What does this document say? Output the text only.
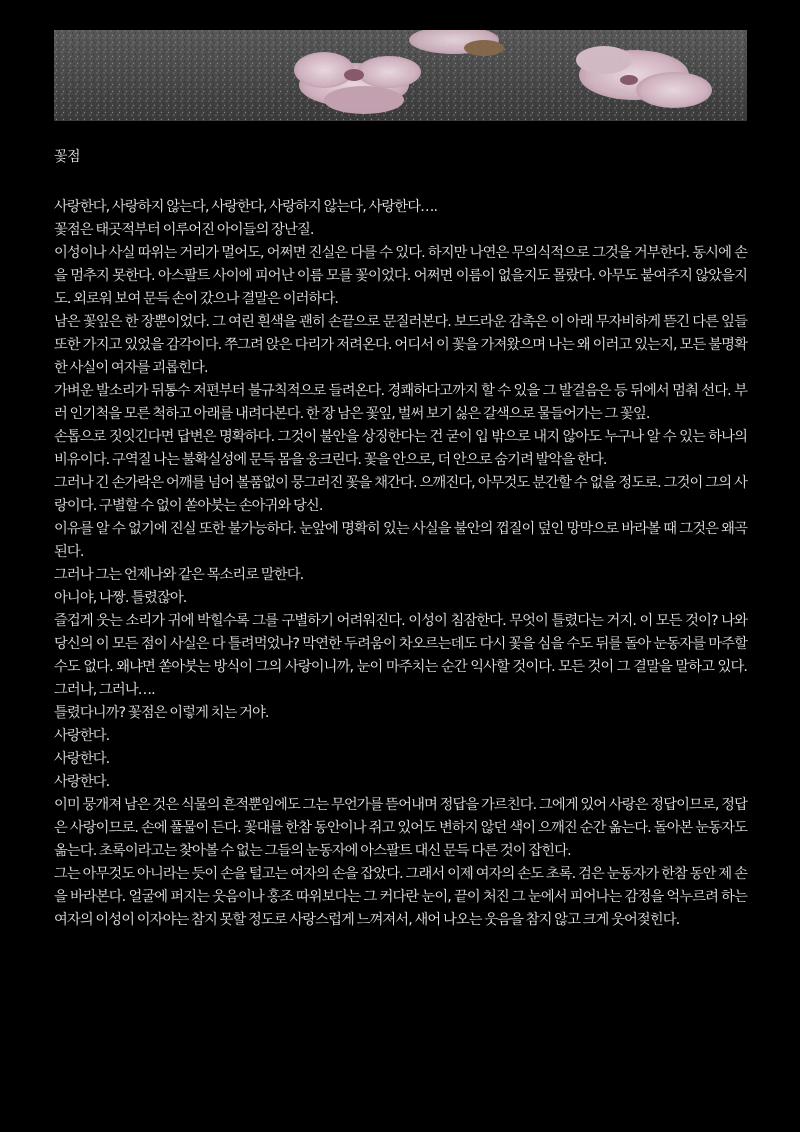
꽃점

사랑한다, 사랑하지 않는다, 사랑한다, 사랑하지 않는다, 사랑한다….

꽃점은 태곳적부터 이루어진 아이들의 장난질.

이성이나 사실 따위는 거리가 멀어도, 어쩌면 진실은 다를 수 있다. 하지만 나연은 무의식적으로 그것을 거부한다. 동시에 손을 멈추지 못한다. 아스팔트 사이에 피어난 이름 모를 꽃이었다. 어쩌면 이름이 없을지도 몰랐다. 아무도 붙여주지 않았을지도. 외로워 보여 문득 손이 갔으나 결말은 이러하다.

남은 꽃잎은 한 장뿐이었다. 그 여린 흰색을 괜히 손끝으로 문질러본다. 보드라운 감촉은 이 아래 무자비하게 뜯긴 다른 잎들 또한 가지고 있었을 감각이다. 쭈그려 앉은 다리가 저려온다. 어디서 이 꽃을 가져왔으며 나는 왜 이러고 있는지, 모든 불명확한 사실이 여자를 괴롭힌다.

가벼운 발소리가 뒤통수 저편부터 불규칙적으로 들려온다. 경쾌하다고까지 할 수 있을 그 발걸음은 등 뒤에서 멈춰 선다. 부러 인기척을 모른 척하고 아래를 내려다본다. 한 장 남은 꽃잎, 벌써 보기 싫은 갈색으로 물들어가는 그 꽃잎.

손톱으로 짓잇긴다면 답변은 명확하다. 그것이 불안을 상징한다는 건 굳이 입 밖으로 내지 않아도 누구나 알 수 있는 하나의 비유이다. 구역질 나는 불확실성에 문득 몸을 웅크린다. 꽃을 안으로, 더 안으로 숨기려 발악을 한다.

그러나 긴 손가락은 어깨를 넘어 볼품없이 뭉그러진 꽃을 채간다. 으깨진다, 아무것도 분간할 수 없을 정도로. 그것이 그의 사랑이다. 구별할 수 없이 쏟아붓는 손아귀와 당신.

이유를 알 수 없기에 진실 또한 불가능하다. 눈앞에 명확히 있는 사실을 불안의 껍질이 덮인 망막으로 바라볼 때 그것은 왜곡된다.

그러나 그는 언제나와 같은 목소리로 말한다.

아니야, 나짱. 틀렸잖아.

즐겁게 웃는 소리가 귀에 박힐수록 그를 구별하기 어려워진다. 이성이 침잠한다. 무엇이 틀렸다는 거지. 이 모든 것이? 나와 당신의 이 모든 점이 사실은 다 틀려먹었나? 막연한 두려움이 차오르는데도 다시 꽃을 심을 수도 뒤를 돌아 눈동자를 마주할 수도 없다. 왜냐면 쏟아붓는 방식이 그의 사랑이니까, 눈이 마주치는 순간 익사할 것이다. 모든 것이 그 결말을 말하고 있다. 그러나, 그러나….

틀렸다니까? 꽃점은 이렇게 치는 거야.

사랑한다.

사랑한다.

사랑한다.

이미 뭉개져 남은 것은 식물의 흔적뿐임에도 그는 무언가를 뜯어내며 정답을 가르친다. 그에게 있어 사랑은 정답이므로, 정답은 사랑이므로. 손에 풀물이 든다. 꽃대를 한참 동안이나 쥐고 있어도 변하지 않던 색이 으깨진 순간 옮는다. 돌아본 눈동자도 옮는다. 초록이라고는 찾아볼 수 없는 그들의 눈동자에 아스팔트 대신 문득 다른 것이 잡힌다.

그는 아무것도 아니라는 듯이 손을 털고는 여자의 손을 잡았다. 그래서 이제 여자의 손도 초록. 검은 눈동자가 한참 동안 제 손을 바라본다. 얼굴에 퍼지는 웃음이나 홍조 따위보다는 그 커다란 눈이, 끝이 처진 그 눈에서 피어나는 감정을 억누르려 하는 여자의 이성이 이자야는 참지 못할 정도로 사랑스럽게 느껴져서, 새어 나오는 웃음을 참지 않고 크게 웃어젖힌다.
